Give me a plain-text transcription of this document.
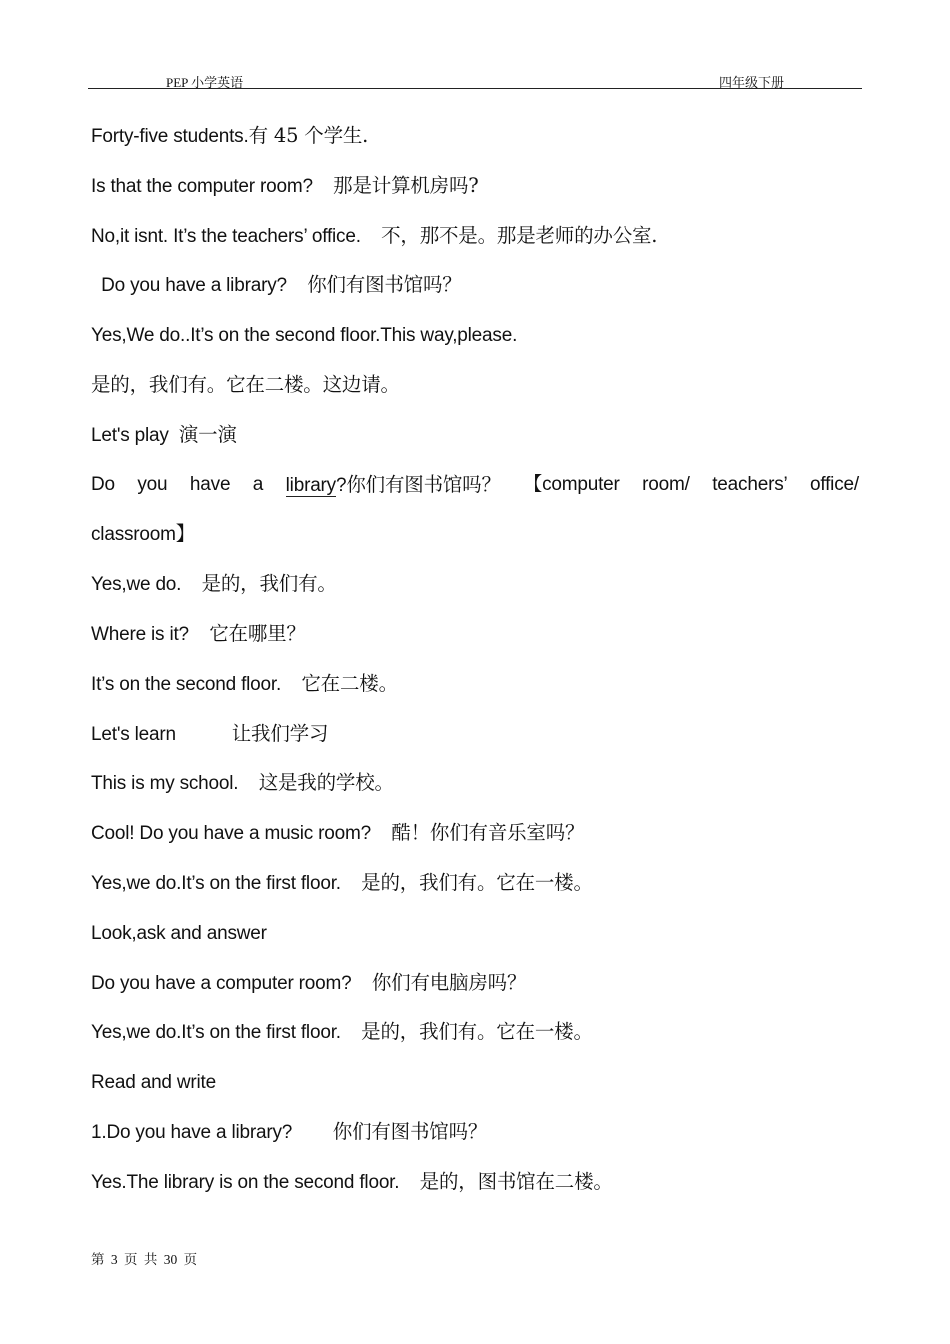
PEP 小学英语	四年级下册
Forty-five students.有 45 个学生.
Is that the computer room?    那是计算机房吗?
No,it isnt. It’s the teachers’ office.    不，那不是。那是老师的办公室.
Do you have a library?    你们有图书馆吗？
Yes,We do..It’s on the second floor.This way,please.
是的，我们有。它在二楼。这边请。
Let's play  演一演
Do you have a library?你们有图书馆吗？ 【computer room/ teachers’ office/
classroom】
Yes,we do.    是的，我们有。
Where is it?    它在哪里？
It’s on the second floor.    它在二楼。
Let's learn           让我们学习
This is my school.    这是我的学校。
Cool! Do you have a music room?    酷！你们有音乐室吗？
Yes,we do.It’s on the first floor.    是的，我们有。它在一楼。
Look,ask and answer
Do you have a computer room?    你们有电脑房吗？
Yes,we do.It’s on the first floor.    是的，我们有。它在一楼。
Read and write
1.Do you have a library?        你们有图书馆吗？
Yes.The library is on the second floor.    是的，图书馆在二楼。
第 3 页 共 30 页
